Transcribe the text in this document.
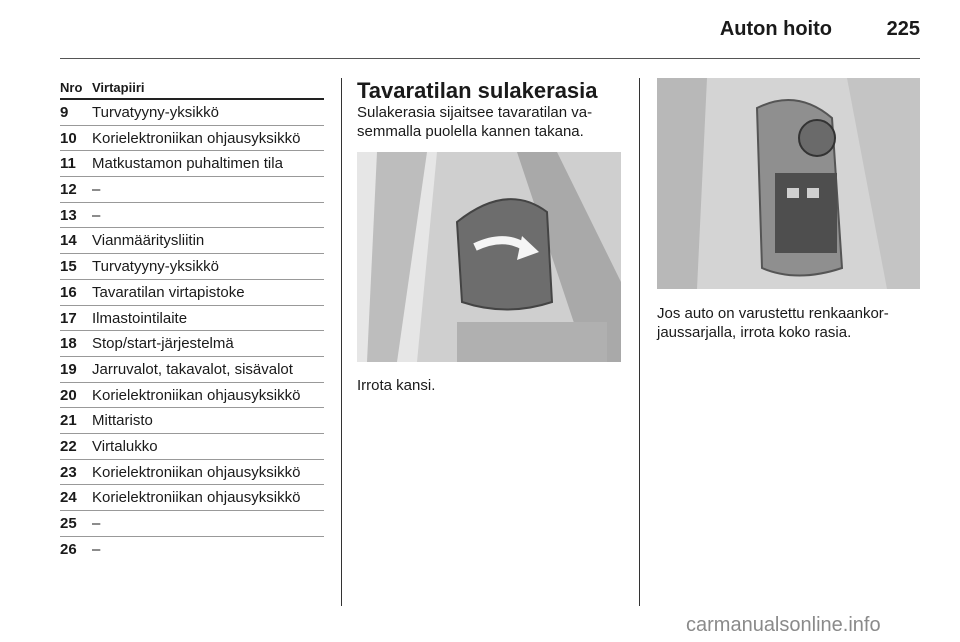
Auton hoito	225
Nro Virtapiiri
9 Turvatyyny-yksikkö
10 Korielektroniikan ohjausyksikkö
11 Matkustamon puhaltimen tila
12 –
13 –
14 Vianmääritysliitin
15 Turvatyyny-yksikkö
16 Tavaratilan virtapistoke
17 Ilmastointilaite
18 Stop/start-järjestelmä
19 Jarruvalot, takavalot, sisävalot
20 Korielektroniikan ohjausyksikkö
21 Mittaristo
22 Virtalukko
23 Korielektroniikan ohjausyksikkö
24 Korielektroniikan ohjausyksikkö
25 –
26 –
Tavaratilan sulakerasia
Sulakerasia sijaitsee tavaratilan va-
semmalla puolella kannen takana.
Irrota kansi.
Jos auto on varustettu renkaankor-
jaussarjalla, irrota koko rasia.
carmanualsonline.info
